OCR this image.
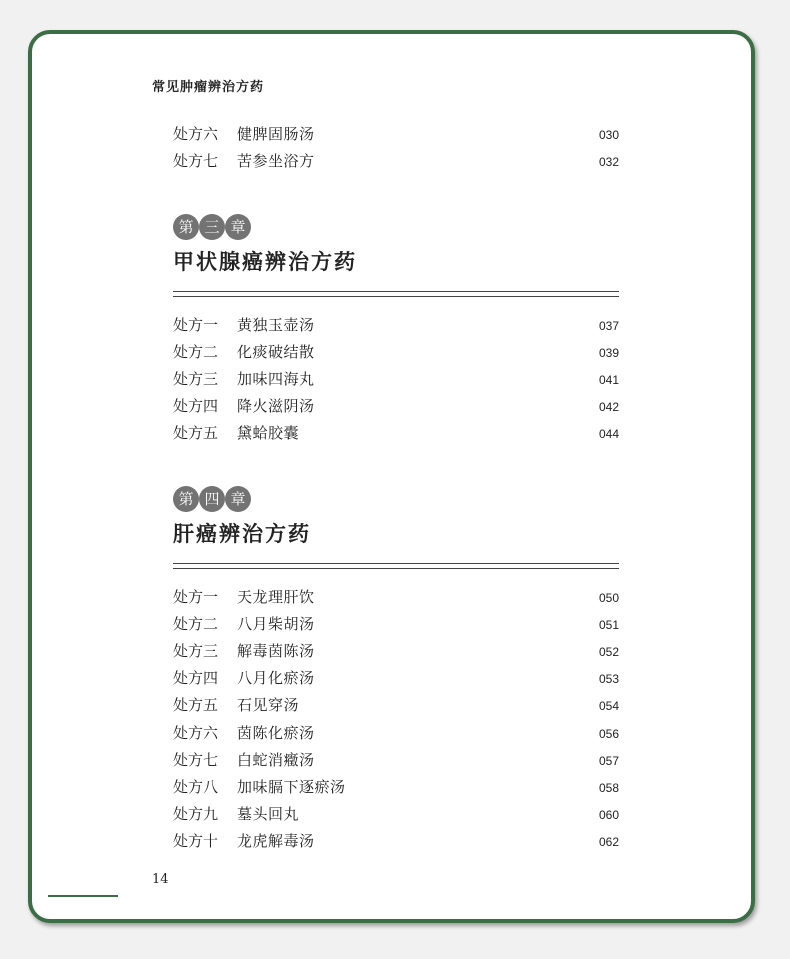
常见肿瘤辨治方药
处方六 健脾固肠汤	030
处方七 苦参坐浴方	032
第 三 章
甲状腺癌辨治方药
处方一 黄独玉壶汤	037
处方二 化痰破结散	039
处方三 加味四海丸	041
处方四 降火滋阴汤	042
处方五 黛蛤胶囊	044
第 四 章
肝癌辨治方药
处方一 天龙理肝饮	050
处方二 八月柴胡汤	051
处方三 解毒茵陈汤	052
处方四 八月化瘀汤	053
处方五 石见穿汤	054
处方六 茵陈化瘀汤	056
处方七 白蛇消癥汤	057
处方八 加味膈下逐瘀汤	058
处方九 墓头回丸	060
处方十 龙虎解毒汤	062
14
